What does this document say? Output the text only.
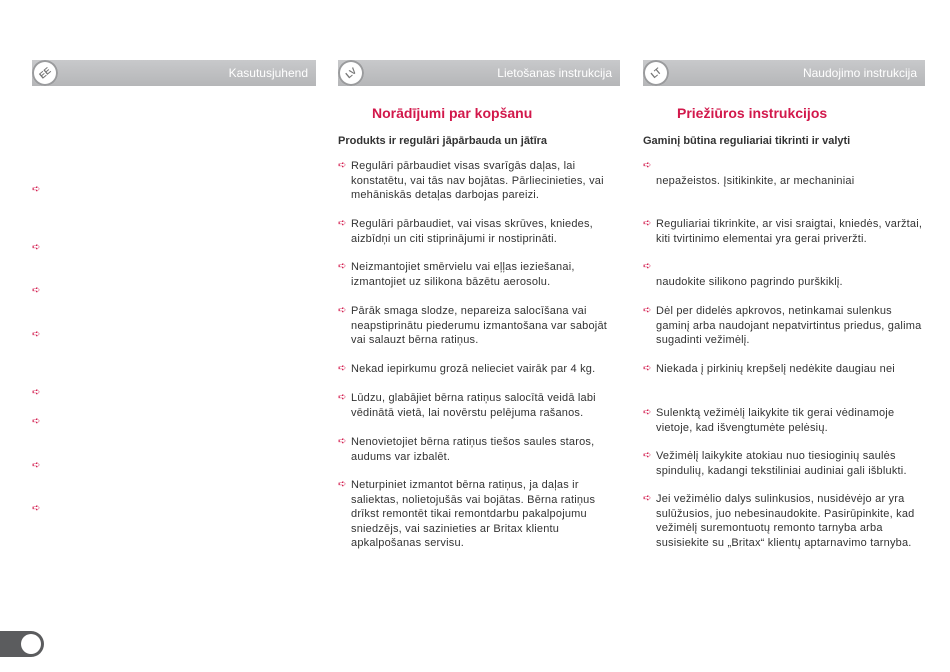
EE	Kasutusjuhend
➪
➪
➪
➪
➪
➪
➪
➪
LV	Lietošanas instrukcija
Norādījumi par kopšanu
Produkts ir regulāri jāpārbauda un jātīra
➪ Regulāri pārbaudiet visas svarīgās daļas, lai konstatētu, vai tās nav bojātas. Pārliecinieties, vai mehāniskās detaļas darbojas pareizi.
➪ Regulāri pārbaudiet, vai visas skrūves, kniedes, aizbīdņi un citi stiprinājumi ir nostiprināti.
➪ Neizmantojiet smērvielu vai eļļas ieziešanai, izmantojiet uz silikona bāzētu aerosolu.
➪ Pārāk smaga slodze, nepareiza salocīšana vai neapstiprinātu piederumu izmantošana var sabojāt vai salauzt bērna ratiņus.
➪ Nekad iepirkumu grozā nelieciet vairāk par 4 kg.
➪ Lūdzu, glabājiet bērna ratiņus salocītā veidā labi vēdinātā vietā, lai novērstu pelējuma rašanos.
➪ Nenovietojiet bērna ratiņus tiešos saules staros, audums var izbalēt.
➪ Neturpiniet izmantot bērna ratiņus, ja daļas ir saliektas, nolietojušās vai bojātas. Bērna ratiņus drīkst remontēt tikai remontdarbu pakalpojumu sniedzējs, vai sazinieties ar Britax klientu apkalpošanas servisu.
LT	Naudojimo instrukcija
Priežiūros instrukcijos
Gaminį būtina reguliariai tikrinti ir valyti
➪
nepažeistos. Įsitikinkite, ar mechaniniai
➪ Reguliariai tikrinkite, ar visi sraigtai, kniedės, varžtai, kiti tvirtinimo elementai yra gerai priveržti.
➪
naudokite silikono pagrindo purškiklį.
➪ Dėl per didelės apkrovos, netinkamai sulenkus gaminį arba naudojant nepatvirtintus priedus, galima sugadinti vežimėlį.
➪ Niekada į pirkinių krepšelį nedėkite daugiau nei
➪ Sulenktą vežimėlį laikykite tik gerai vėdinamoje vietoje, kad išvengtumėte pelėsių.
➪ Vežimėlį laikykite atokiau nuo tiesioginių saulės spindulių, kadangi tekstiliniai audiniai gali išblukti.
➪ Jei vežimėlio dalys sulinkusios, nusidėvėjo ar yra sulūžusios, juo nebesinaudokite. Pasirūpinkite, kad vežimėlį suremontuotų remonto tarnyba arba susisiekite su „Britax“ klientų aptarnavimo tarnyba.
